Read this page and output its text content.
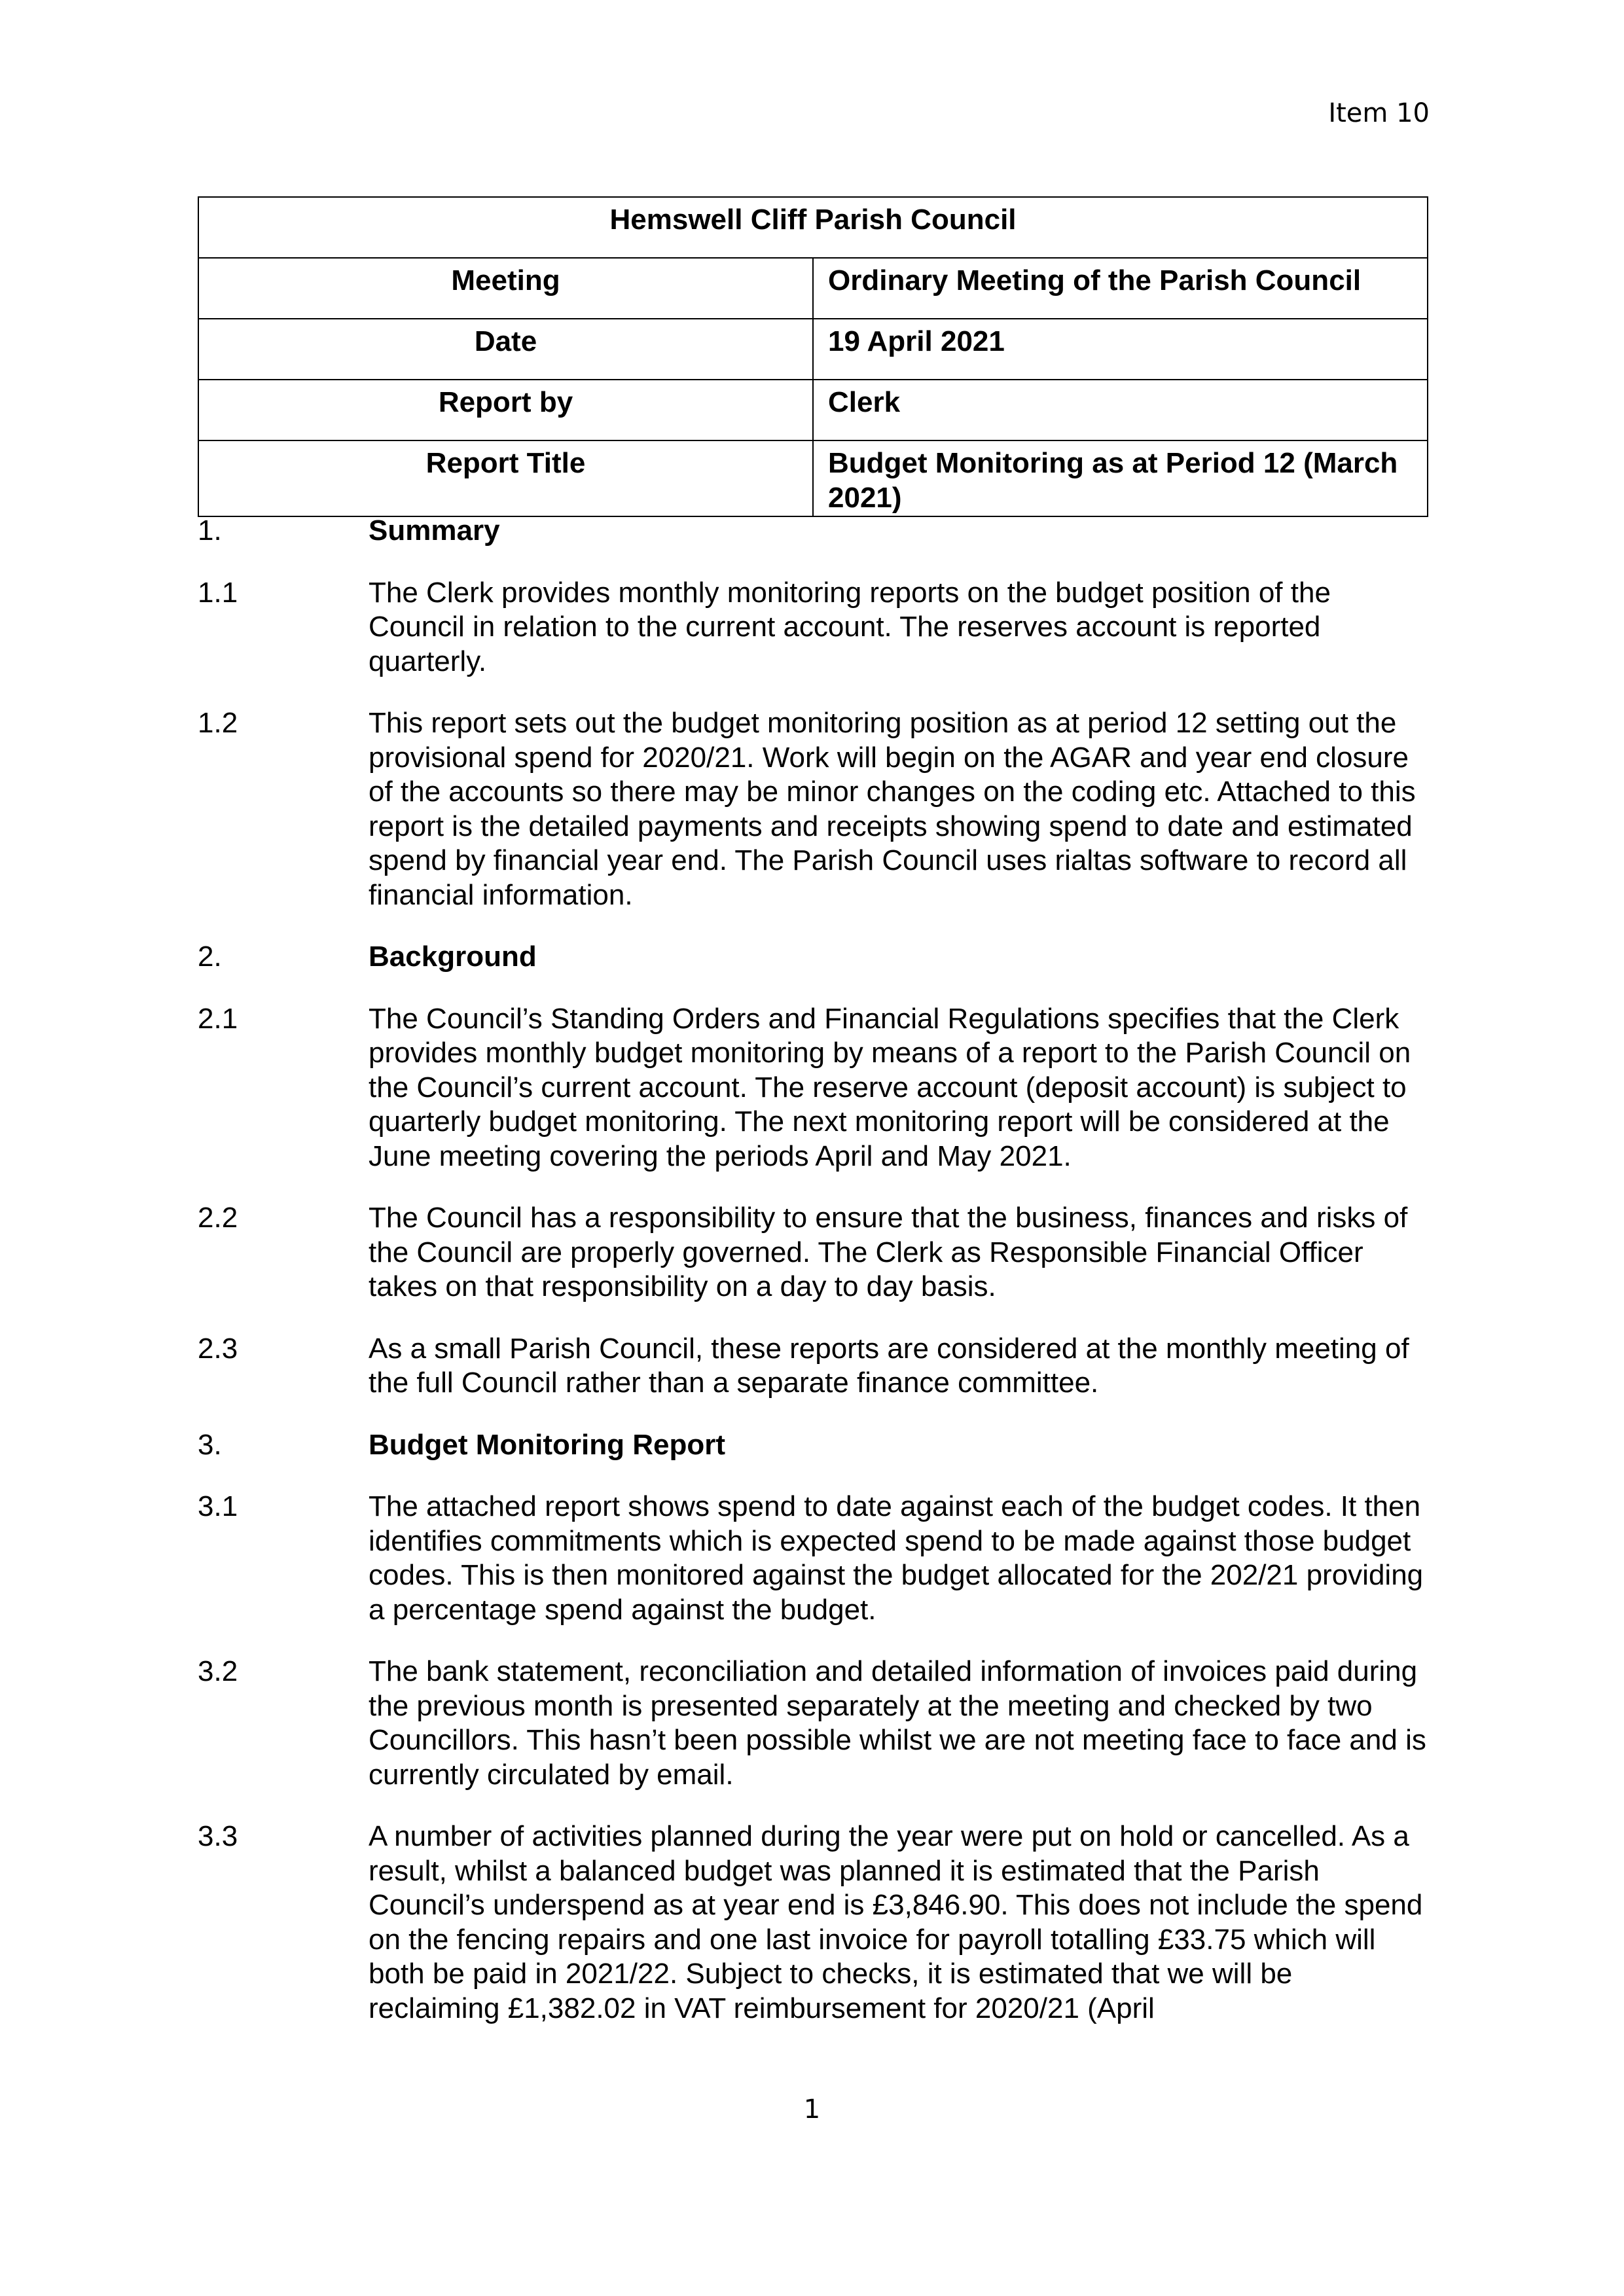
Item 10
Hemswell Cliff Parish Council	
Meeting	Ordinary Meeting of the Parish Council
Date	19 April 2021
Report by	Clerk
Report Title	Budget Monitoring as at Period 12 (March 2021)
1.	Summary
1.1	The Clerk provides monthly monitoring reports on the budget position of the Council in relation to the current account. The reserves account is reported quarterly.
1.2	This report sets out the budget monitoring position as at period 12 setting out the provisional spend for 2020/21. Work will begin on the AGAR and year end closure of the accounts so there may be minor changes on the coding etc. Attached to this report is the detailed payments and receipts showing spend to date and estimated spend by financial year end. The Parish Council uses rialtas software to record all financial information.
2.	Background
2.1	The Council’s Standing Orders and Financial Regulations specifies that the Clerk provides monthly budget monitoring by means of a report to the Parish Council on the Council’s current account. The reserve account (deposit account) is subject to quarterly budget monitoring. The next monitoring report will be considered at the June meeting covering the periods April and May 2021.
2.2	The Council has a responsibility to ensure that the business, finances and risks of the Council are properly governed. The Clerk as Responsible Financial Officer takes on that responsibility on a day to day basis.
2.3	As a small Parish Council, these reports are considered at the monthly meeting of the full Council rather than a separate finance committee.
3.	Budget Monitoring Report
3.1	The attached report shows spend to date against each of the budget codes. It then identifies commitments which is expected spend to be made against those budget codes. This is then monitored against the budget allocated for the 202/21 providing a percentage spend against the budget.
3.2	The bank statement, reconciliation and detailed information of invoices paid during the previous month is presented separately at the meeting and checked by two Councillors. This hasn’t been possible whilst we are not meeting face to face and is currently circulated by email.
3.3	A number of activities planned during the year were put on hold or cancelled. As a result, whilst a balanced budget was planned it is estimated that the Parish Council’s underspend as at year end is £3,846.90. This does not include the spend on the fencing repairs and one last invoice for payroll totalling £33.75 which will both be paid in 2021/22. Subject to checks, it is estimated that we will be reclaiming £1,382.02 in VAT reimbursement for 2020/21 (April
1
